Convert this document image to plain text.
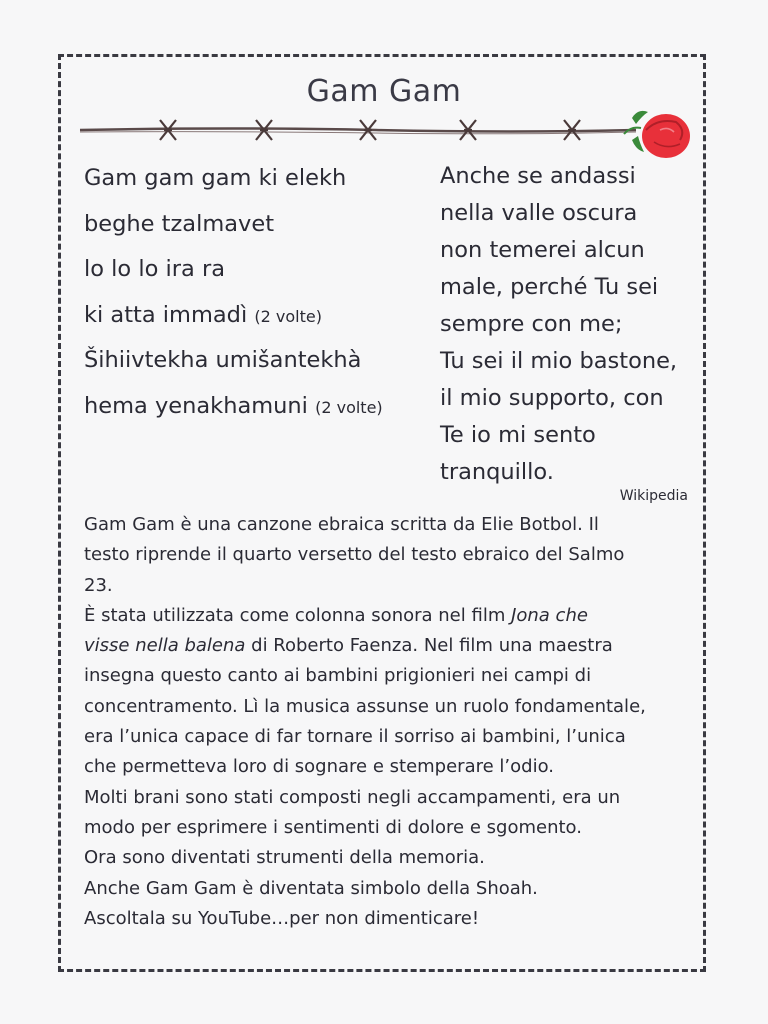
Gam Gam
Gam gam gam ki elekh
beghe tzalmavet
lo lo lo ira ra
ki atta immadì (2 volte)
Šihiivtekha umišantekhà
hema yenakhamuni (2 volte)
Anche se andassi
nella valle oscura
non temerei alcun
male, perché Tu sei
sempre con me;
Tu sei il mio bastone,
il mio supporto, con
Te io mi sento
tranquillo.
Wikipedia
Gam Gam è una canzone ebraica scritta da Elie Botbol. Il
testo riprende il quarto versetto del testo ebraico del Salmo
23.
È stata utilizzata come colonna sonora nel film Jona che
visse nella balena di Roberto Faenza. Nel film una maestra
insegna questo canto ai bambini prigionieri nei campi di
concentramento. Lì la musica assunse un ruolo fondamentale,
era l’unica capace di far tornare il sorriso ai bambini, l’unica
che permetteva loro di sognare e stemperare l’odio.
Molti brani sono stati composti negli accampamenti, era un
modo per esprimere i sentimenti di dolore e sgomento.
Ora sono diventati strumenti della memoria.
Anche Gam Gam è diventata simbolo della Shoah.
Ascoltala su YouTube…per non dimenticare!
